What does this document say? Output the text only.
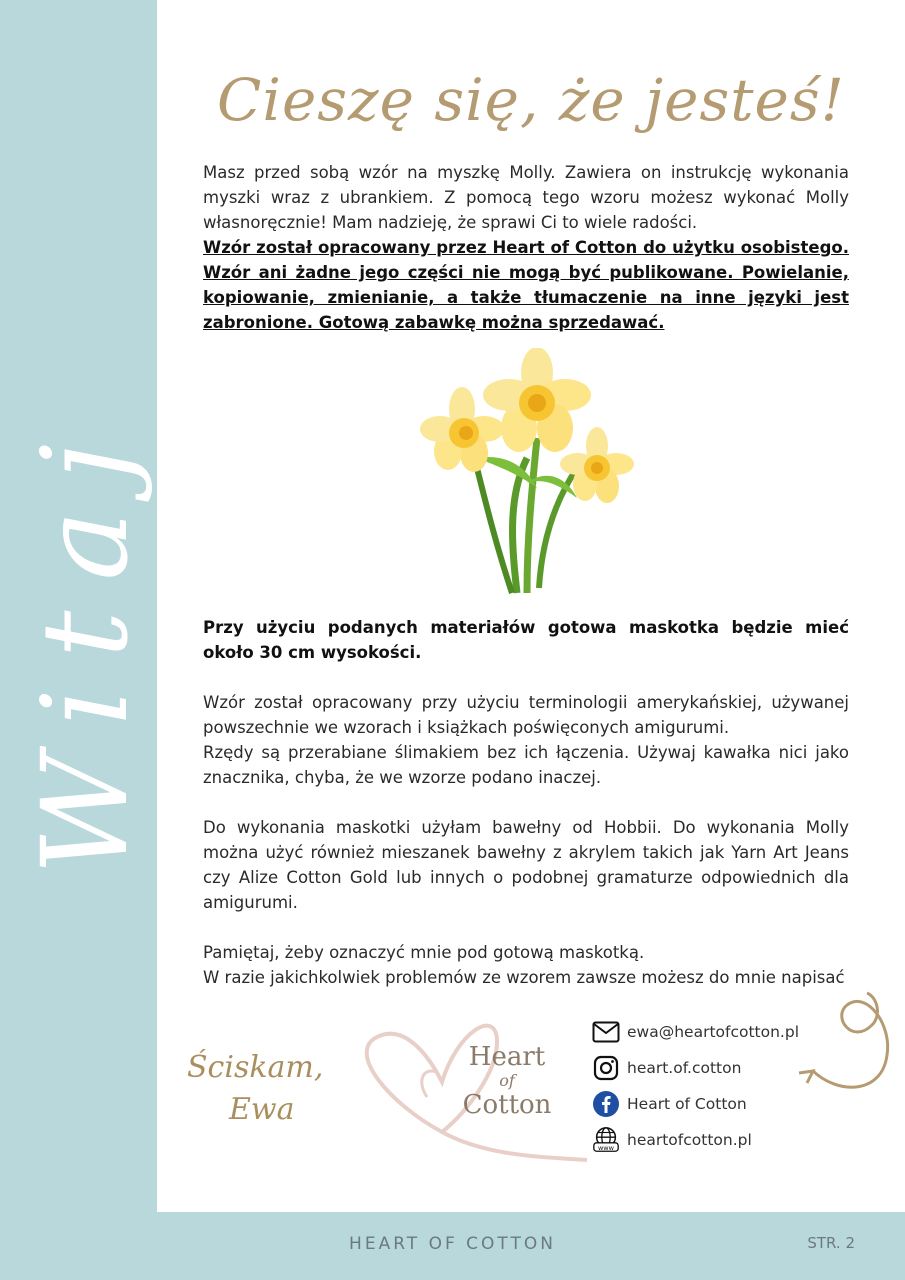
Witaj
Cieszę się, że jesteś!

Masz przed sobą wzór na myszkę Molly. Zawiera on instrukcję wykonania myszki wraz z ubrankiem. Z pomocą tego wzoru możesz wykonać Molly własnoręcznie! Mam nadzieję, że sprawi Ci to wiele radości.

Wzór został opracowany przez Heart of Cotton do użytku osobistego. Wzór ani żadne jego części nie mogą być publikowane. Powielanie, kopiowanie, zmienianie, a także tłumaczenie na inne języki jest zabronione. Gotową zabawkę można sprzedawać.

Przy użyciu podanych materiałów gotowa maskotka będzie mieć około 30 cm wysokości.

Wzór został opracowany przy użyciu terminologii amerykańskiej, używanej powszechnie we wzorach i książkach poświęconych amigurumi.

Rzędy są przerabiane ślimakiem bez ich łączenia. Używaj kawałka nici jako znacznika, chyba, że we wzorze podano inaczej.

Do wykonania maskotki użyłam bawełny od Hobbii. Do wykonania Molly można użyć również mieszanek bawełny z akrylem takich jak Yarn Art Jeans czy Alize Cotton Gold lub innych o podobnej gramaturze odpowiednich dla amigurumi.

Pamiętaj, żeby oznaczyć mnie pod gotową maskotką.

W razie jakichkolwiek problemów ze wzorem zawsze możesz do mnie napisać

Heart
of
Cotton
Ściskam,
Ewa
ewa@heartofcotton.pl
heart.of.cotton
Heart of Cotton
www heartofcotton.pl
HEART OF COTTON	STR. 2
